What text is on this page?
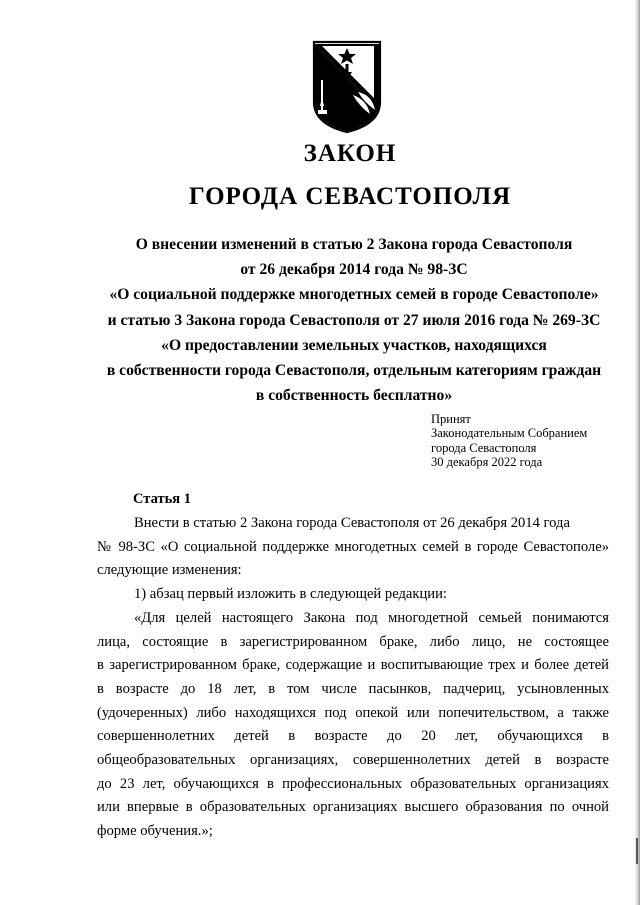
ЗАКОН
ГОРОДА СЕВАСТОПОЛЯ

О внесении изменений в статью 2 Закона города Севастополя
от 26 декабря 2014 года № 98-ЗС
«О социальной поддержке многодетных семей в городе Севастополе»
и статью 3 Закона города Севастополя от 27 июля 2016 года № 269-ЗС
«О предоставлении земельных участков, находящихся
в собственности города Севастополя, отдельным категориям граждан
в собственность бесплатно»

Принят
Законодательным Собранием
города Севастополя
30 декабря 2022 года
Статья 1
Внести в статью 2 Закона города Севастополя от 26 декабря 2014 года
№ 98-ЗС «О социальной поддержке многодетных семей в городе Севастополе»
следующие изменения:
1) абзац первый изложить в следующей редакции:
«Для целей настоящего Закона под многодетной семьей понимаются
лица, состоящие в зарегистрированном браке, либо лицо, не состоящее
в зарегистрированном браке, содержащие и воспитывающие трех и более детей
в возрасте до 18 лет, в том числе пасынков, падчериц, усыновленных
(удочеренных) либо находящихся под опекой или попечительством, а также
совершеннолетних детей в возрасте до 20 лет, обучающихся в
общеобразовательных организациях, совершеннолетних детей в возрасте
до 23 лет, обучающихся в профессиональных образовательных организациях
или впервые в образовательных организациях высшего образования по очной
форме обучения.»;
